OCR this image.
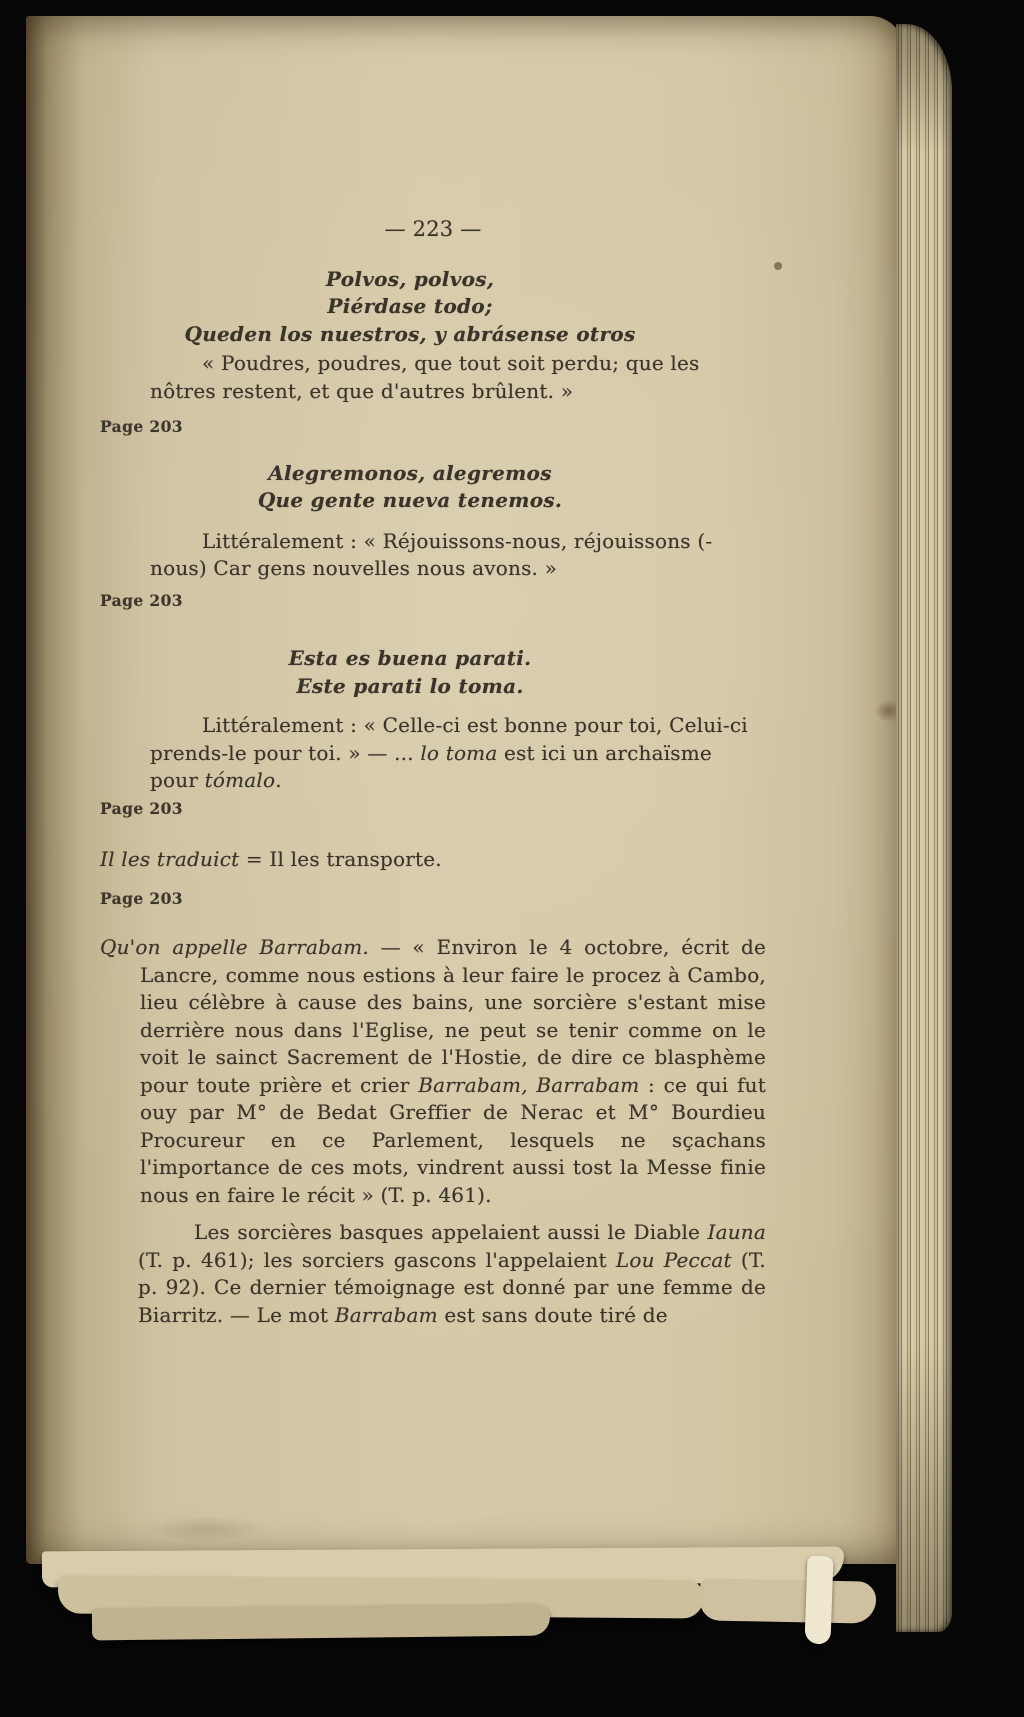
— 223 —
Polvos, polvos,
Piérdase todo;
Queden los nuestros, y abrásense otros

« Poudres, poudres, que tout soit perdu; que les nôtres restent, et que d'autres brûlent. »

Page 203
Alegremonos, alegremos
Que gente nueva tenemos.

Littéralement : « Réjouissons-nous, réjouissons (-nous) Car gens nouvelles nous avons. »

Page 203
Esta es buena parati.
Este parati lo toma.

Littéralement : « Celle-ci est bonne pour toi, Celui-ci prends-le pour toi. » — ... lo toma est ici un archaïsme pour tómalo.

Page 203

Il les traduict = Il les transporte.

Page 203

Qu'on appelle Barrabam. — « Environ le 4 octobre, écrit de Lancre, comme nous estions à leur faire le procez à Cambo, lieu célèbre à cause des bains, une sorcière s'estant mise derrière nous dans l'Eglise, ne peut se tenir comme on le voit le sainct Sacrement de l'Hostie, de dire ce blasphème pour toute prière et crier Barrabam, Barrabam : ce qui fut ouy par M° de Bedat Greffier de Nerac et M° Bourdieu Procureur en ce Parlement, lesquels ne sçachans l'importance de ces mots, vindrent aussi tost la Messe finie nous en faire le récit » (T. p. 461).

Les sorcières basques appelaient aussi le Diable Iauna (T. p. 461); les sorciers gascons l'appelaient Lou Peccat (T. p. 92). Ce dernier témoignage est donné par une femme de Biarritz. — Le mot Barrabam est sans doute tiré de
